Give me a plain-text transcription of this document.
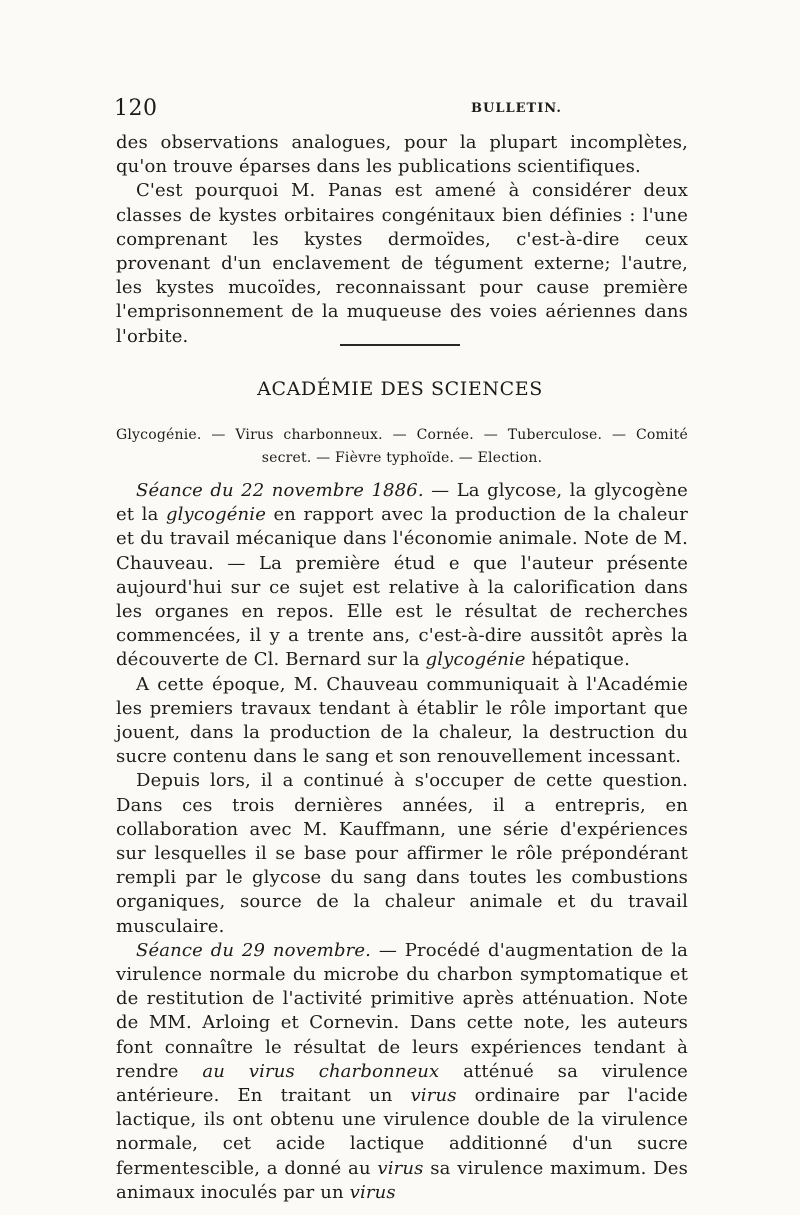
120	BULLETIN.

des observations analogues, pour la plupart incomplètes, qu'on trouve éparses dans les publications scientifiques.

C'est pourquoi M. Panas est amené à considérer deux classes de kystes orbitaires congénitaux bien définies : l'une comprenant les kystes dermoïdes, c'est-à-dire ceux provenant d'un enclavement de tégument externe; l'autre, les kystes mucoïdes, reconnaissant pour cause première l'emprisonnement de la muqueuse des voies aériennes dans l'orbite.

ACADÉMIE DES SCIENCES
Glycogénie. — Virus charbonneux. — Cornée. — Tuberculose. — Comité secret. — Fièvre typhoïde. — Election.

Séance du 22 novembre 1886. — La glycose, la glycogène et la glycogénie en rapport avec la production de la chaleur et du travail mécanique dans l'économie animale. Note de M. Chauveau. — La première étud e que l'auteur présente aujourd'hui sur ce sujet est relative à la calorification dans les organes en repos. Elle est le résultat de recherches commencées, il y a trente ans, c'est-à-dire aussitôt après la découverte de Cl. Bernard sur la glycogénie hépatique.

A cette époque, M. Chauveau communiquait à l'Académie les premiers travaux tendant à établir le rôle important que jouent, dans la production de la chaleur, la destruction du sucre contenu dans le sang et son renouvellement incessant.

Depuis lors, il a continué à s'occuper de cette question. Dans ces trois dernières années, il a entrepris, en collaboration avec M. Kauffmann, une série d'expériences sur lesquelles il se base pour affirmer le rôle prépondérant rempli par le glycose du sang dans toutes les combustions organiques, source de la chaleur animale et du travail musculaire.

Séance du 29 novembre. — Procédé d'augmentation de la virulence normale du microbe du charbon symptomatique et de restitution de l'activité primitive après atténuation. Note de MM. Arloing et Cornevin. Dans cette note, les auteurs font connaître le résultat de leurs expériences tendant à rendre au virus charbonneux atténué sa virulence antérieure. En traitant un virus ordinaire par l'acide lactique, ils ont obtenu une virulence double de la virulence normale, cet acide lactique additionné d'un sucre fermentescible, a donné au virus sa virulence maximum. Des animaux inoculés par un virus
